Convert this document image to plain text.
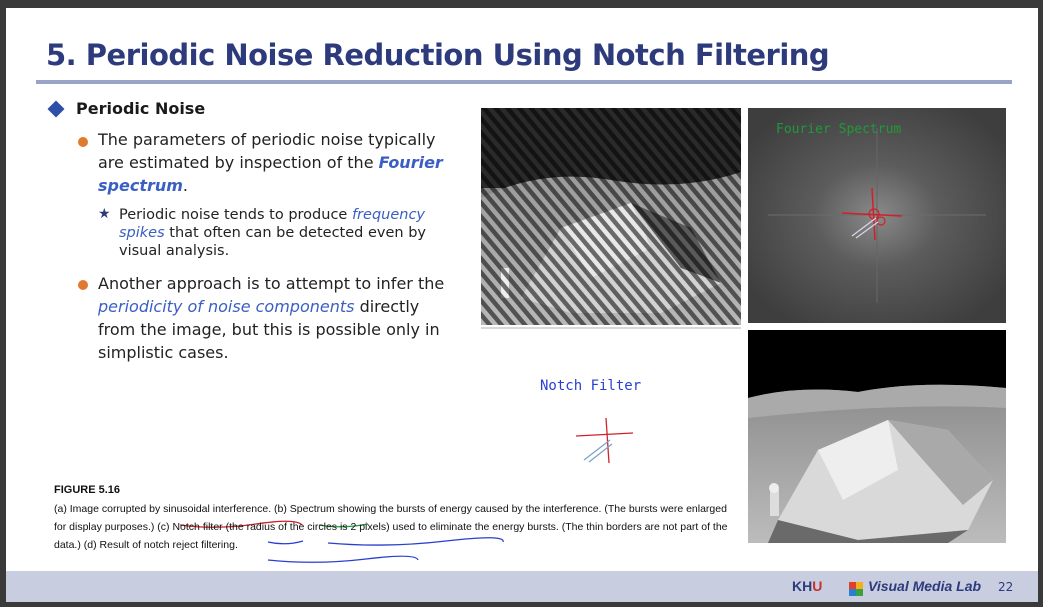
5. Periodic Noise Reduction Using Notch Filtering
Periodic Noise
The parameters of periodic noise typically are estimated by inspection of the Fourier spectrum.
★ Periodic noise tends to produce frequency spikes that often can be detected even by visual analysis.
Another approach is to attempt to infer the periodicity of noise components directly from the image, but this is possible only in simplistic cases.
Fourier Spectrum
Notch Filter
FIGURE 5.16
(a) Image corrupted by sinusoidal interference. (b) Spectrum showing the bursts of energy caused by the interference. (The bursts were enlarged for display purposes.) (c) Notch filter (the radius of the circles is 2 pixels) used to eliminate the energy bursts. (The thin borders are not part of the data.) (d) Result of notch reject filtering.
KHU	Visual Media Lab 22
